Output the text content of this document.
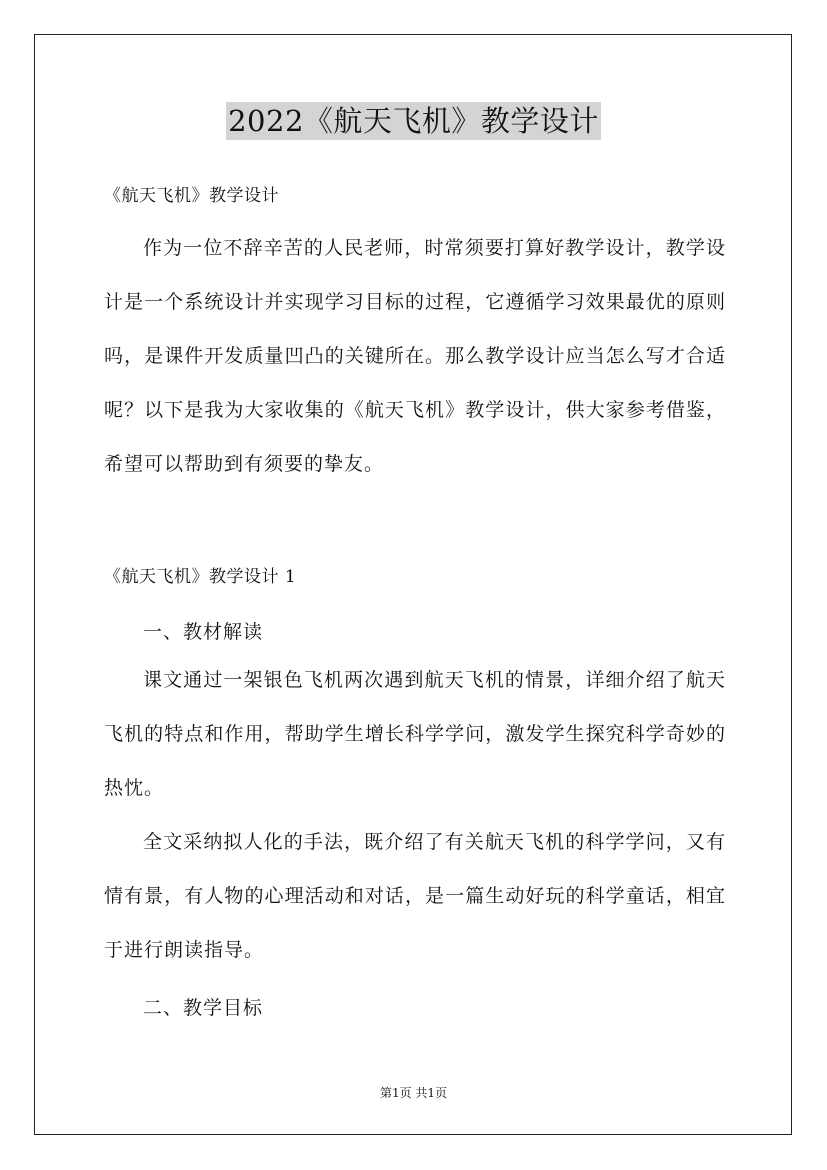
2022《航天飞机》教学设计
《航天飞机》教学设计

作为一位不辞辛苦的人民老师，时常须要打算好教学设计，教学设计是一个系统设计并实现学习目标的过程，它遵循学习效果最优的原则吗，是课件开发质量凹凸的关键所在。那么教学设计应当怎么写才合适呢？以下是我为大家收集的《航天飞机》教学设计，供大家参考借鉴，希望可以帮助到有须要的挚友。

《航天飞机》教学设计 1
一、教材解读

课文通过一架银色飞机两次遇到航天飞机的情景，详细介绍了航天飞机的特点和作用，帮助学生增长科学学问，激发学生探究科学奇妙的热忱。

全文采纳拟人化的手法，既介绍了有关航天飞机的科学学问，又有情有景，有人物的心理活动和对话，是一篇生动好玩的科学童话，相宜于进行朗读指导。

二、教学目标
第1页 共1页
